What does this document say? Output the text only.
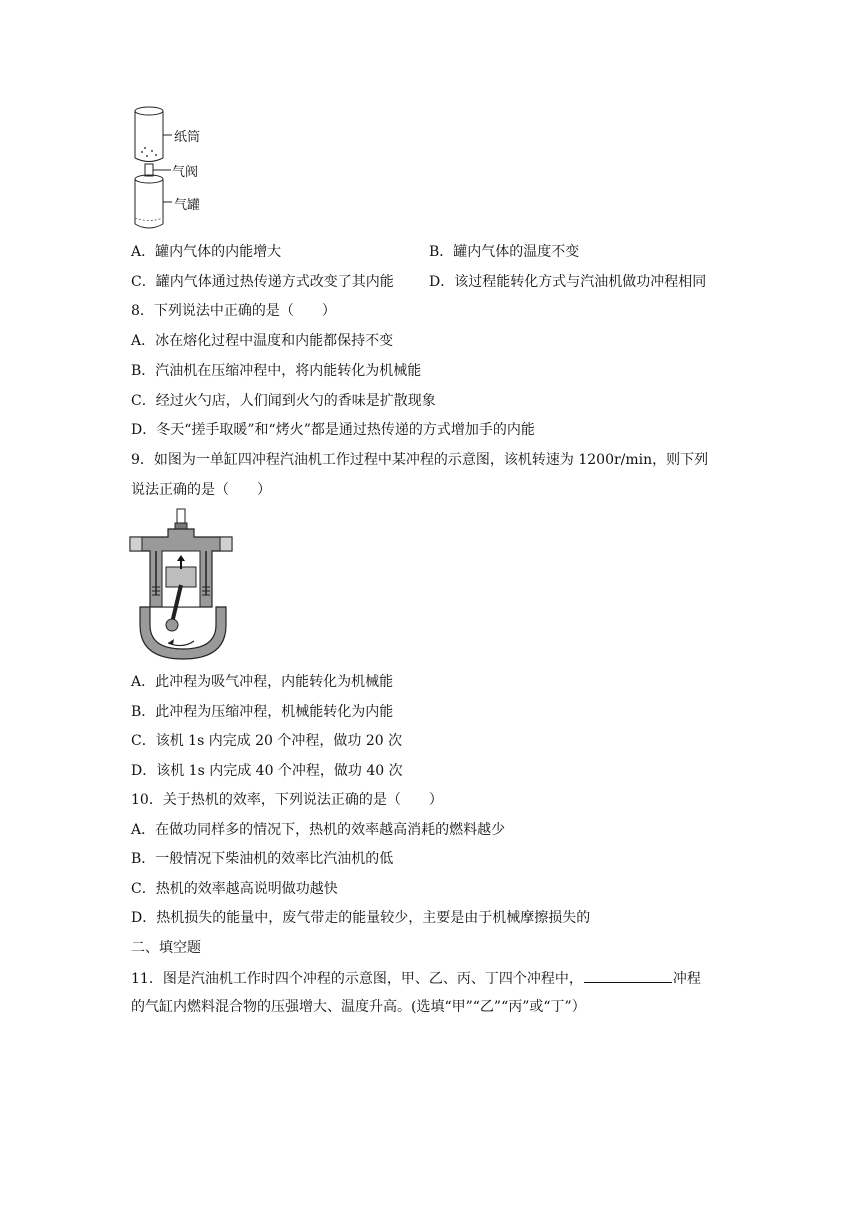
纸筒
气阀
气罐
A．罐内气体的内能增大	B．罐内气体的温度不变
C．罐内气体通过热传递方式改变了其内能	D．该过程能转化方式与汽油机做功冲程相同
8．下列说法中正确的是（　　）
A．冰在熔化过程中温度和内能都保持不变
B．汽油机在压缩冲程中，将内能转化为机械能
C．经过火勺店，人们闻到火勺的香味是扩散现象
D．冬天“搓手取暖”和“烤火”都是通过热传递的方式增加手的内能
9．如图为一单缸四冲程汽油机工作过程中某冲程的示意图，该机转速为 1200r/min，则下列
说法正确的是（　　）
A．此冲程为吸气冲程，内能转化为机械能
B．此冲程为压缩冲程，机械能转化为内能
C．该机 1s 内完成 20 个冲程，做功 20 次
D．该机 1s 内完成 40 个冲程，做功 40 次
10．关于热机的效率，下列说法正确的是（　　）
A．在做功同样多的情况下，热机的效率越高消耗的燃料越少
B．一般情况下柴油机的效率比汽油机的低
C．热机的效率越高说明做功越快
D．热机损失的能量中，废气带走的能量较少，主要是由于机械摩擦损失的
二、填空题
11．图是汽油机工作时四个冲程的示意图，甲、乙、丙、丁四个冲程中，	冲程
的气缸内燃料混合物的压强增大、温度升高。(选填“甲”“乙”“丙”或“丁”）
